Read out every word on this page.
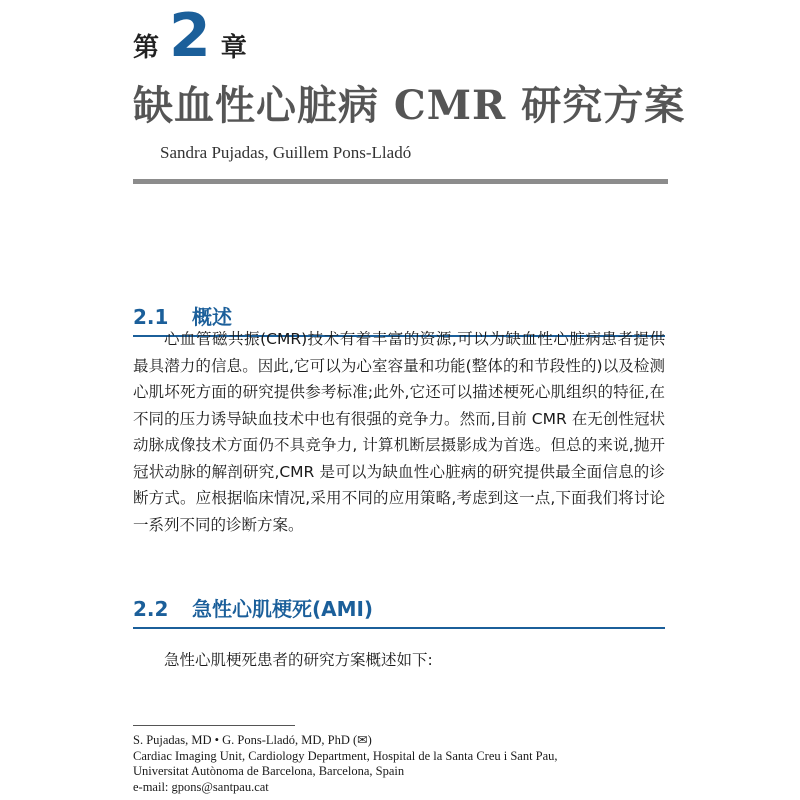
第 2 章
缺血性心脏病 CMR 研究方案
Sandra Pujadas, Guillem Pons-Lladó
2.1 概述

心血管磁共振(CMR)技术有着丰富的资源,可以为缺血性心脏病患者提供最具潜力的信息。因此,它可以为心室容量和功能(整体的和节段性的)以及检测心肌坏死方面的研究提供参考标准;此外,它还可以描述梗死心肌组织的特征,在不同的压力诱导缺血技术中也有很强的竞争力。然而,目前 CMR 在无创性冠状动脉成像技术方面仍不具竞争力, 计算机断层摄影成为首选。但总的来说,抛开冠状动脉的解剖研究,CMR 是可以为缺血性心脏病的研究提供最全面信息的诊断方式。应根据临床情况,采用不同的应用策略,考虑到这一点,下面我们将讨论一系列不同的诊断方案。

2.2 急性心肌梗死(AMI)

急性心肌梗死患者的研究方案概述如下:

S. Pujadas, MD • G. Pons-Lladó, MD, PhD (✉)
Cardiac Imaging Unit, Cardiology Department, Hospital de la Santa Creu i Sant Pau,
Universitat Autònoma de Barcelona, Barcelona, Spain
e-mail: gpons@santpau.cat
